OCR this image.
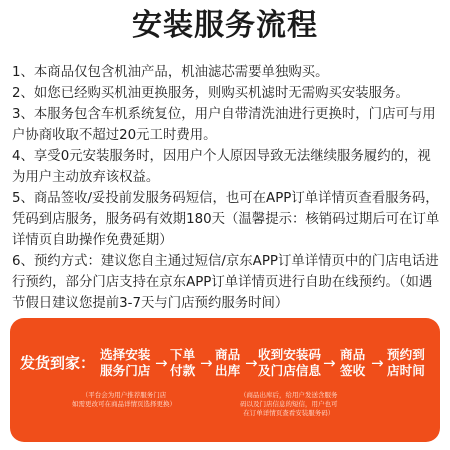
安装服务流程

1、本商品仅包含机油产品，机油滤芯需要单独购买。

2、如您已经购买机油更换服务，则购买机滤时无需购买安装服务。

3、本服务包含车机系统复位，用户自带清洗油进行更换时，门店可与用户协商收取不超过20元工时费用。

4、享受0元安装服务时，因用户个人原因导致无法继续服务履约的，视为用户主动放弃该权益。

5、商品签收/妥投前发服务码短信，也可在APP订单详情页查看服务码，凭码到店服务，服务码有效期180天（温馨提示：核销码过期后可在订单详情页自助操作免费延期）

6、预约方式：建议您自主通过短信/京东APP订单详情页中的门店电话进行预约，部分门店支持在京东APP订单详情页进行自助在线预约。（如遇节假日建议您提前3-7天与门店预约服务时间）

发货到家： 选择安装
服务门店 → 下单
付款 → 商品
出库 → 收到安装码
及门店信息 → 商品
签收 → 预约到
店时间
（平台会为用户推荐服务门店
如需更改可在商品详情页选择更换）
（商品出库后，给用户发送含服务
码以及门店信息的短信，用户也可
在订单详情页查看安装服务码）
